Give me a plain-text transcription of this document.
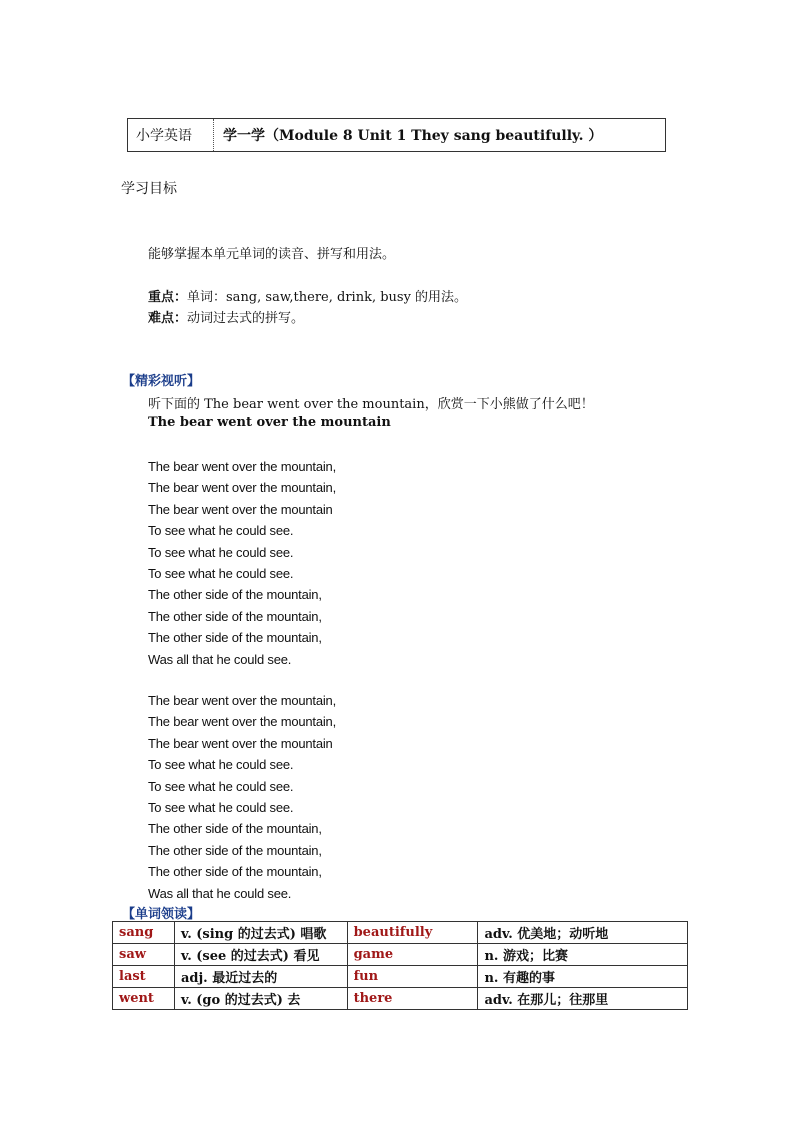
小学英语	学一学（Module 8 Unit 1 They sang beautifully. ）
学习目标
能够掌握本单元单词的读音、拼写和用法。
重点：单词：sang, saw,there, drink, busy 的用法。
难点：动词过去式的拼写。
【精彩视听】
听下面的 The bear went over the mountain，欣赏一下小熊做了什么吧！
The bear went over the mountain
The bear went over the mountain,
The bear went over the mountain,
The bear went over the mountain
To see what he could see.
To see what he could see.
To see what he could see.
The other side of the mountain,
The other side of the mountain,
The other side of the mountain,
Was all that he could see.
The bear went over the mountain,
The bear went over the mountain,
The bear went over the mountain
To see what he could see.
To see what he could see.
To see what he could see.
The other side of the mountain,
The other side of the mountain,
The other side of the mountain,
Was all that he could see.
【单词领读】
sang	v. (sing 的过去式) 唱歌	beautifully	adv. 优美地；动听地
saw	v. (see 的过去式) 看见	game	n. 游戏；比赛
last	adj. 最近过去的	fun	n. 有趣的事
went	v. (go 的过去式) 去	there	adv. 在那儿；往那里
